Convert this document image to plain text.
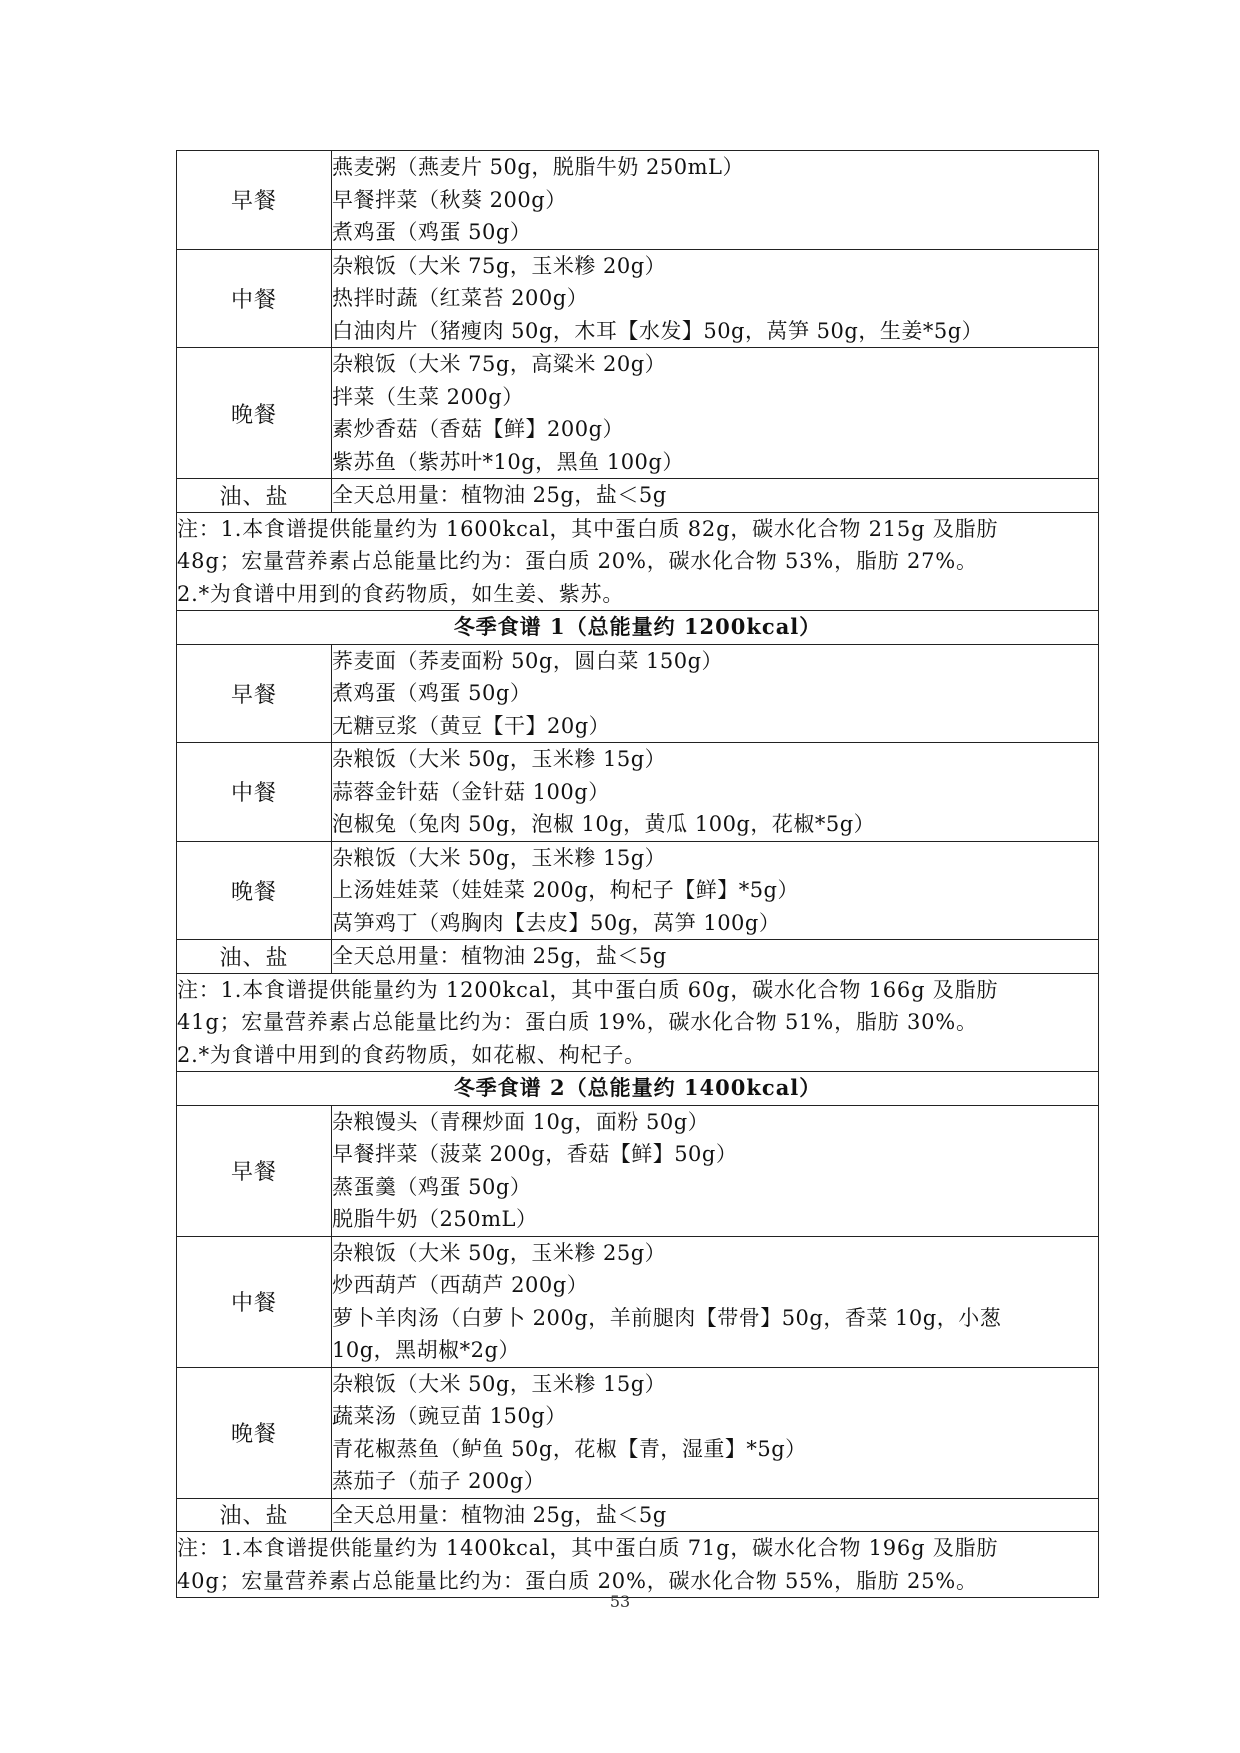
早餐	燕麦粥（燕麦片 50g，脱脂牛奶 250mL）
早餐拌菜（秋葵 200g）
煮鸡蛋（鸡蛋 50g）

中餐	杂粮饭（大米 75g，玉米糁 20g）
热拌时蔬（红菜苔 200g）
白油肉片（猪瘦肉 50g，木耳【水发】50g，莴笋 50g，生姜*5g）

晚餐	杂粮饭（大米 75g，高粱米 20g）
拌菜（生菜 200g）
素炒香菇（香菇【鲜】200g）
紫苏鱼（紫苏叶*10g，黑鱼 100g）

油、盐	全天总用量：植物油 25g，盐＜5g

注：1.本食谱提供能量约为 1600kcal，其中蛋白质 82g，碳水化合物 215g 及脂肪
48g；宏量营养素占总能量比约为：蛋白质 20%，碳水化合物 53%，脂肪 27%。
2.*为食谱中用到的食药物质，如生姜、紫苏。	

冬季食谱 1（总能量约 1200kcal）	
早餐	荞麦面（荞麦面粉 50g，圆白菜 150g）
煮鸡蛋（鸡蛋 50g）
无糖豆浆（黄豆【干】20g）

中餐	杂粮饭（大米 50g，玉米糁 15g）
蒜蓉金针菇（金针菇 100g）
泡椒兔（兔肉 50g，泡椒 10g，黄瓜 100g，花椒*5g）

晚餐	杂粮饭（大米 50g，玉米糁 15g）
上汤娃娃菜（娃娃菜 200g，枸杞子【鲜】*5g）
莴笋鸡丁（鸡胸肉【去皮】50g，莴笋 100g）

油、盐	全天总用量：植物油 25g，盐＜5g

注：1.本食谱提供能量约为 1200kcal，其中蛋白质 60g，碳水化合物 166g 及脂肪
41g；宏量营养素占总能量比约为：蛋白质 19%，碳水化合物 51%，脂肪 30%。
2.*为食谱中用到的食药物质，如花椒、枸杞子。	

冬季食谱 2（总能量约 1400kcal）	
早餐	杂粮馒头（青稞炒面 10g，面粉 50g）
早餐拌菜（菠菜 200g，香菇【鲜】50g）
蒸蛋羹（鸡蛋 50g）
脱脂牛奶（250mL）

中餐	杂粮饭（大米 50g，玉米糁 25g）
炒西葫芦（西葫芦 200g）
萝卜羊肉汤（白萝卜 200g，羊前腿肉【带骨】50g，香菜 10g，小葱
10g，黑胡椒*2g）

晚餐	杂粮饭（大米 50g，玉米糁 15g）
蔬菜汤（豌豆苗 150g）
青花椒蒸鱼（鲈鱼 50g，花椒【青，湿重】*5g）
蒸茄子（茄子 200g）

油、盐	全天总用量：植物油 25g，盐＜5g

注：1.本食谱提供能量约为 1400kcal，其中蛋白质 71g，碳水化合物 196g 及脂肪
40g；宏量营养素占总能量比约为：蛋白质 20%，碳水化合物 55%，脂肪 25%。	
53
